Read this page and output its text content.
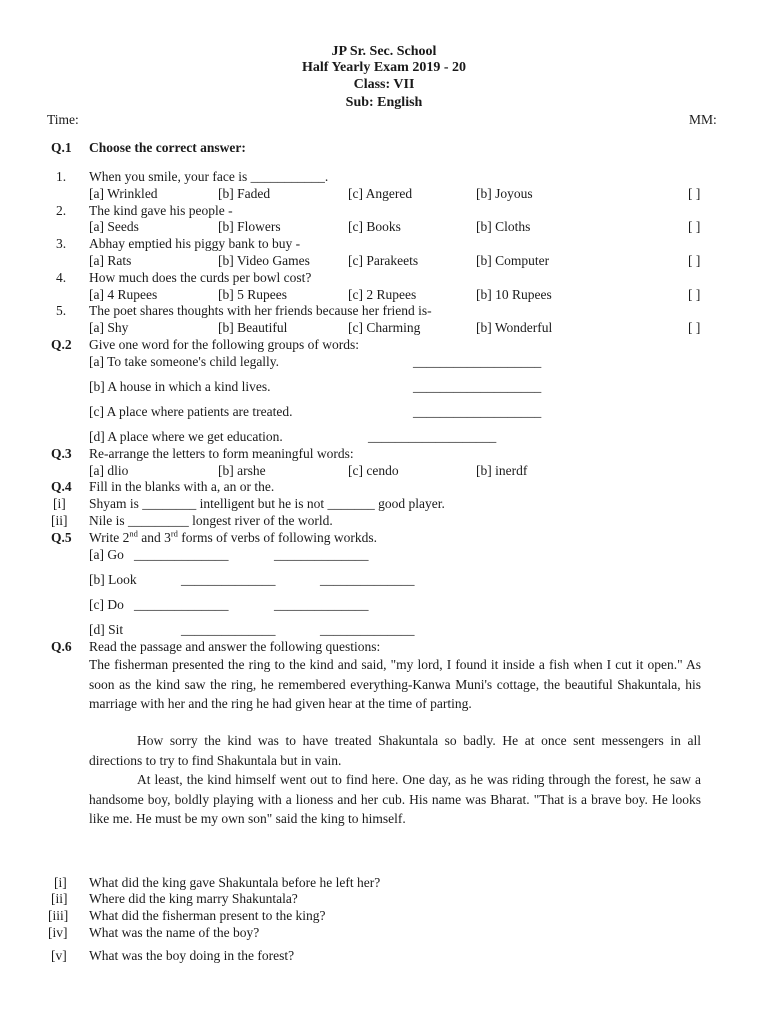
JP Sr. Sec. School
Half Yearly Exam 2019 - 20
Class: VII
Sub: English
Time:	MM:
Q.1 Choose the correct answer:
1. When you smile, your face is ___________.
[a] Wrinkled	[b] Faded	[c] Angered	[b] Joyous	[ ]
2. The kind gave his people -
[a] Seeds	[b] Flowers	[c] Books	[b] Cloths	[ ]
3. Abhay emptied his piggy bank to buy -
[a] Rats	[b] Video Games	[c] Parakeets	[b] Computer	[ ]
4. How much does the curds per bowl cost?
[a] 4 Rupees	[b] 5 Rupees	[c] 2 Rupees	[b] 10 Rupees	[ ]
5. The poet shares thoughts with her friends because her friend is-
[a] Shy	[b] Beautiful	[c] Charming	[b] Wonderful	[ ]
Q.2 Give one word for the following groups of words:
[a] To take someone's child legally.	___________________
[b] A house in which a kind lives.	___________________
[c] A place where patients are treated.	___________________
[d] A place where we get education.	___________________
Q.3 Re-arrange the letters to form meaningful words:
[a] dlio	[b] arshe	[c] cendo	[b] inerdf
Q.4 Fill in the blanks with a, an or the.
[i] Shyam is ________ intelligent but he is not _______ good player.
[ii] Nile is _________ longest river of the world.
Q.5 Write 2nd and 3rd forms of verbs of following workds.
[a] Go ______________	______________
[b] Look	______________	______________
[c] Do ______________	______________
[d] Sit	______________	______________
Q.6 Read the passage and answer the following questions:

The fisherman presented the ring to the kind and said, "my lord, I found it inside a fish when I cut it open." As soon as the kind saw the ring, he remembered everything-Kanwa Muni's cottage, the beautiful Shakuntala, his marriage with her and the ring he had given hear at the time of parting.

How sorry the kind was to have treated Shakuntala so badly. He at once sent messengers in all directions to try to find Shakuntala but in vain.

At least, the kind himself went out to find here. One day, as he was riding through the forest, he saw a handsome boy, boldly playing with a lioness and her cub. His name was Bharat. "That is a brave boy. He looks like me. He must be my own son" said the king to himself.

[i] What did the king gave Shakuntala before he left her?
[ii] Where did the king marry Shakuntala?
[iii] What did the fisherman present to the king?
[iv] What was the name of the boy?
[v] What was the boy doing in the forest?
